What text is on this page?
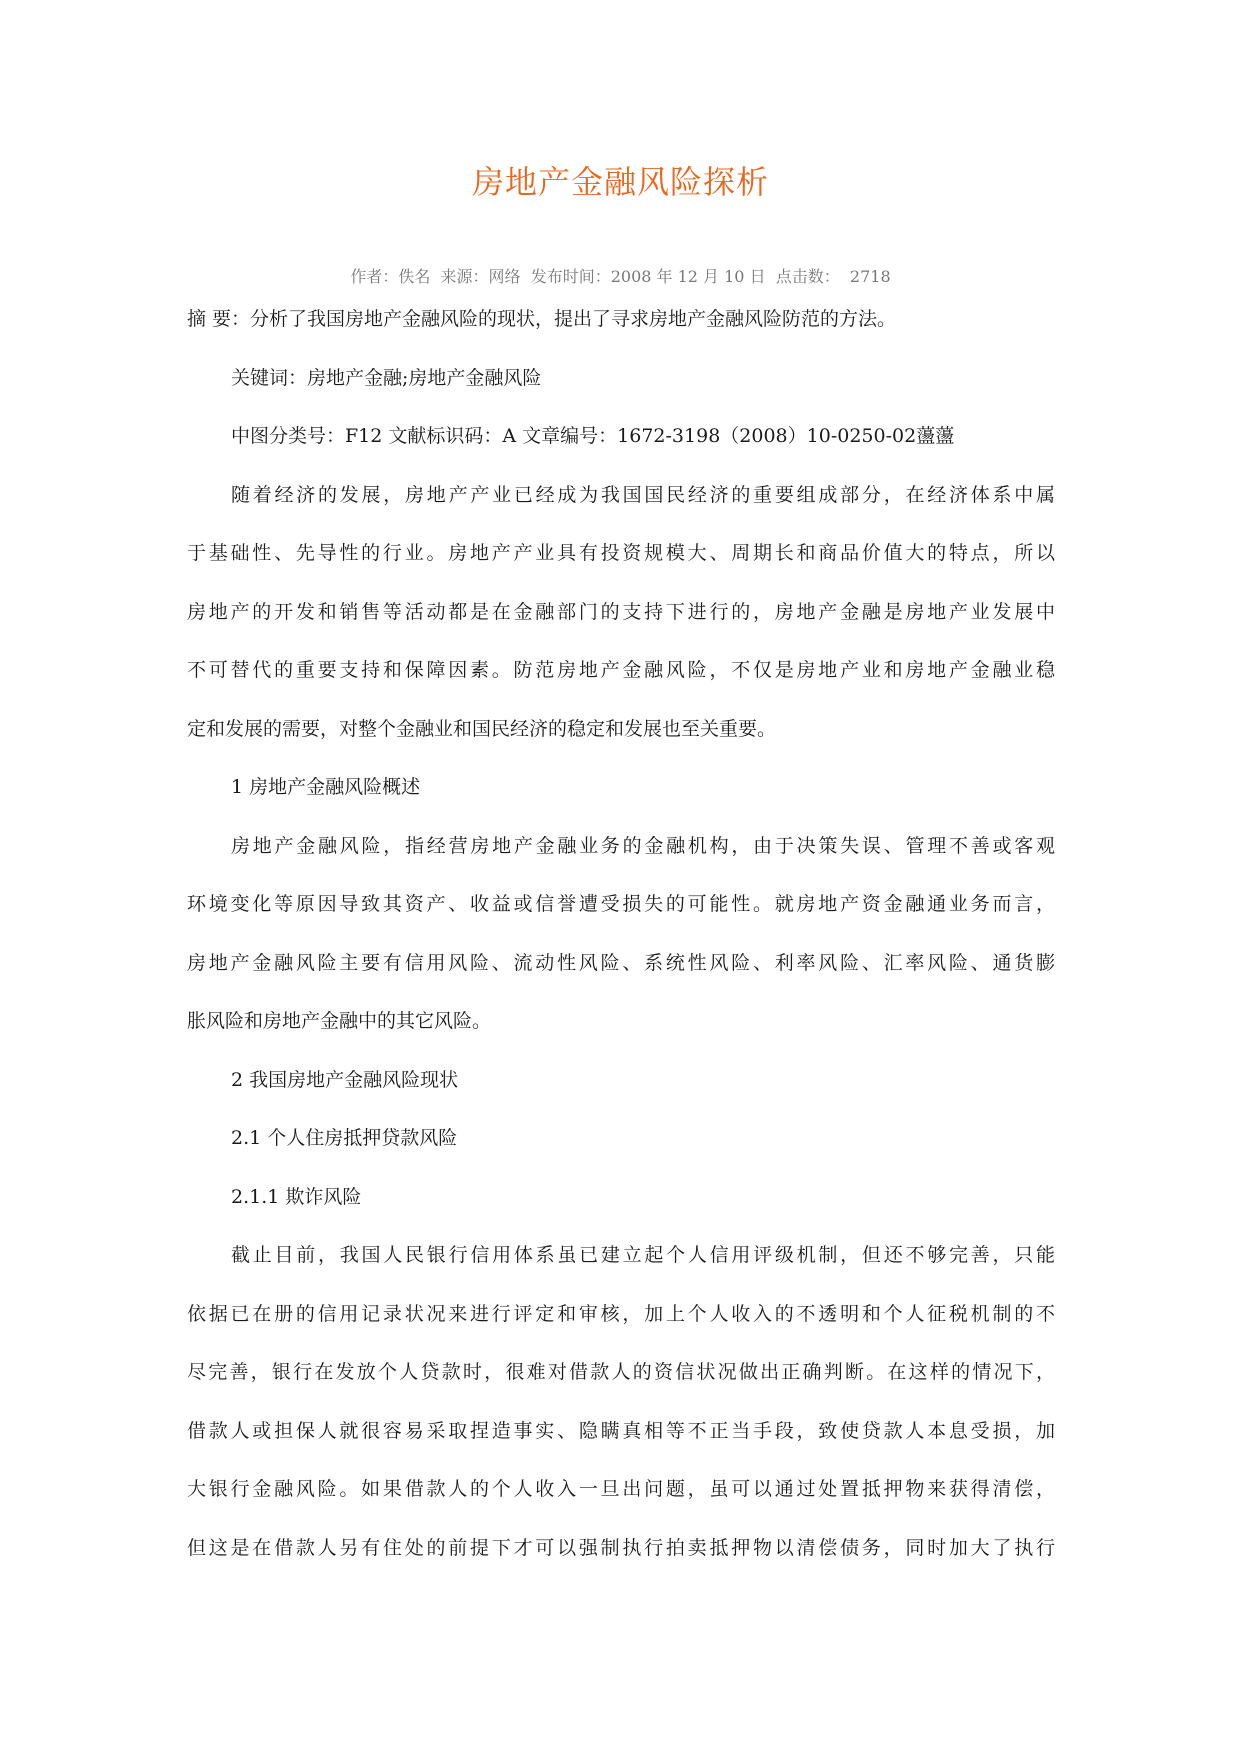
房地产金融风险探析
作者：佚名  来源：网络  发布时间：2008 年 12 月 10 日  点击数：  2718
摘 要：分析了我国房地产金融风险的现状，提出了寻求房地产金融风险防范的方法。
关键词：房地产金融;房地产金融风险
中图分类号：F12 文献标识码：A 文章编号：1672-3198（2008）10-0250-02蘯蘯
随着经济的发展，房地产产业已经成为我国国民经济的重要组成部分，在经济体系中属
于基础性、先导性的行业。房地产产业具有投资规模大、周期长和商品价值大的特点，所以
房地产的开发和销售等活动都是在金融部门的支持下进行的，房地产金融是房地产业发展中
不可替代的重要支持和保障因素。防范房地产金融风险，不仅是房地产业和房地产金融业稳
定和发展的需要，对整个金融业和国民经济的稳定和发展也至关重要。
1 房地产金融风险概述
房地产金融风险，指经营房地产金融业务的金融机构，由于决策失误、管理不善或客观
环境变化等原因导致其资产、收益或信誉遭受损失的可能性。就房地产资金融通业务而言，
房地产金融风险主要有信用风险、流动性风险、系统性风险、利率风险、汇率风险、通货膨
胀风险和房地产金融中的其它风险。
2 我国房地产金融风险现状
2.1 个人住房抵押贷款风险
2.1.1 欺诈风险
截止目前，我国人民银行信用体系虽已建立起个人信用评级机制，但还不够完善，只能
依据已在册的信用记录状况来进行评定和审核，加上个人收入的不透明和个人征税机制的不
尽完善，银行在发放个人贷款时，很难对借款人的资信状况做出正确判断。在这样的情况下，
借款人或担保人就很容易采取捏造事实、隐瞒真相等不正当手段，致使贷款人本息受损，加
大银行金融风险。如果借款人的个人收入一旦出问题，虽可以通过处置抵押物来获得清偿，
但这是在借款人另有住处的前提下才可以强制执行拍卖抵押物以清偿债务，同时加大了执行
